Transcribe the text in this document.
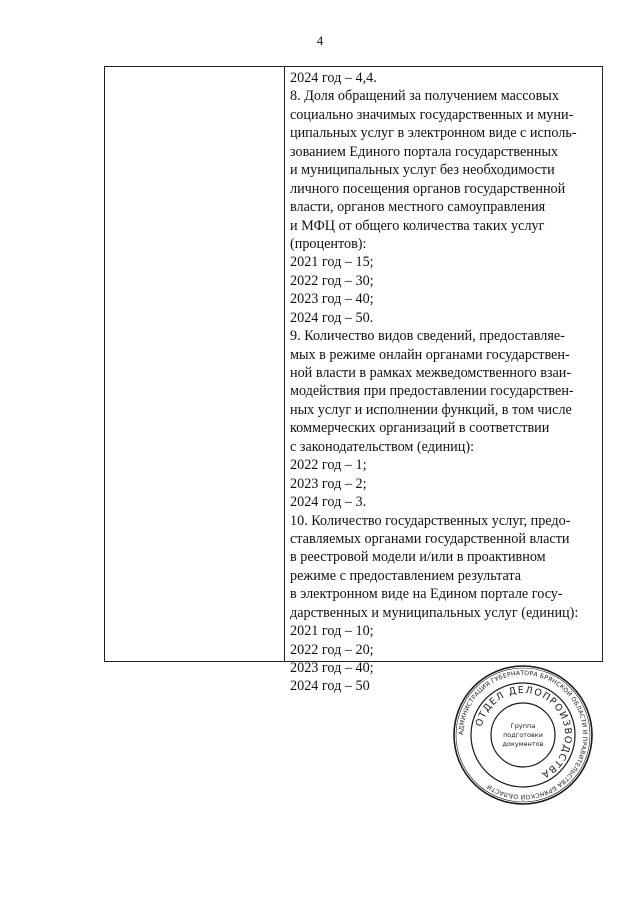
4
2024 год – 4,4.
8. Доля обращений за получением массовых
социально значимых государственных и муни-
ципальных услуг в электронном виде с исполь-
зованием Единого портала государственных
и муниципальных услуг без необходимости
личного посещения органов государственной
власти, органов местного самоуправления
и МФЦ от общего количества таких услуг
(процентов):
2021 год – 15;
2022 год – 30;
2023 год – 40;
2024 год – 50.
9. Количество видов сведений, предоставляе-
мых в режиме онлайн органами государствен-
ной власти в рамках межведомственного взаи-
модействия при предоставлении государствен-
ных услуг и исполнении функций, в том числе
коммерческих организаций в соответствии
с законодательством (единиц):
2022 год – 1;
2023 год – 2;
2024 год – 3.
10. Количество государственных услуг, предо-
ставляемых органами государственной власти
в реестровой модели и/или в проактивном
режиме с предоставлением результата
в электронном виде на Едином портале госу-
дарственных и муниципальных услуг (единиц):
2021 год – 10;
2022 год – 20;
2023 год – 40;
2024 год – 50
АДМИНИСТРАЦИЯ ГУБЕРНАТОРА БРЯНСКОЙ ОБЛАСТИ И ПРАВИТЕЛЬСТВА БРЯНСКОЙ ОБЛАСТИ
ОТДЕЛ ДЕЛОПРОИЗВОДСТВА
Группа
подготовки
документов
